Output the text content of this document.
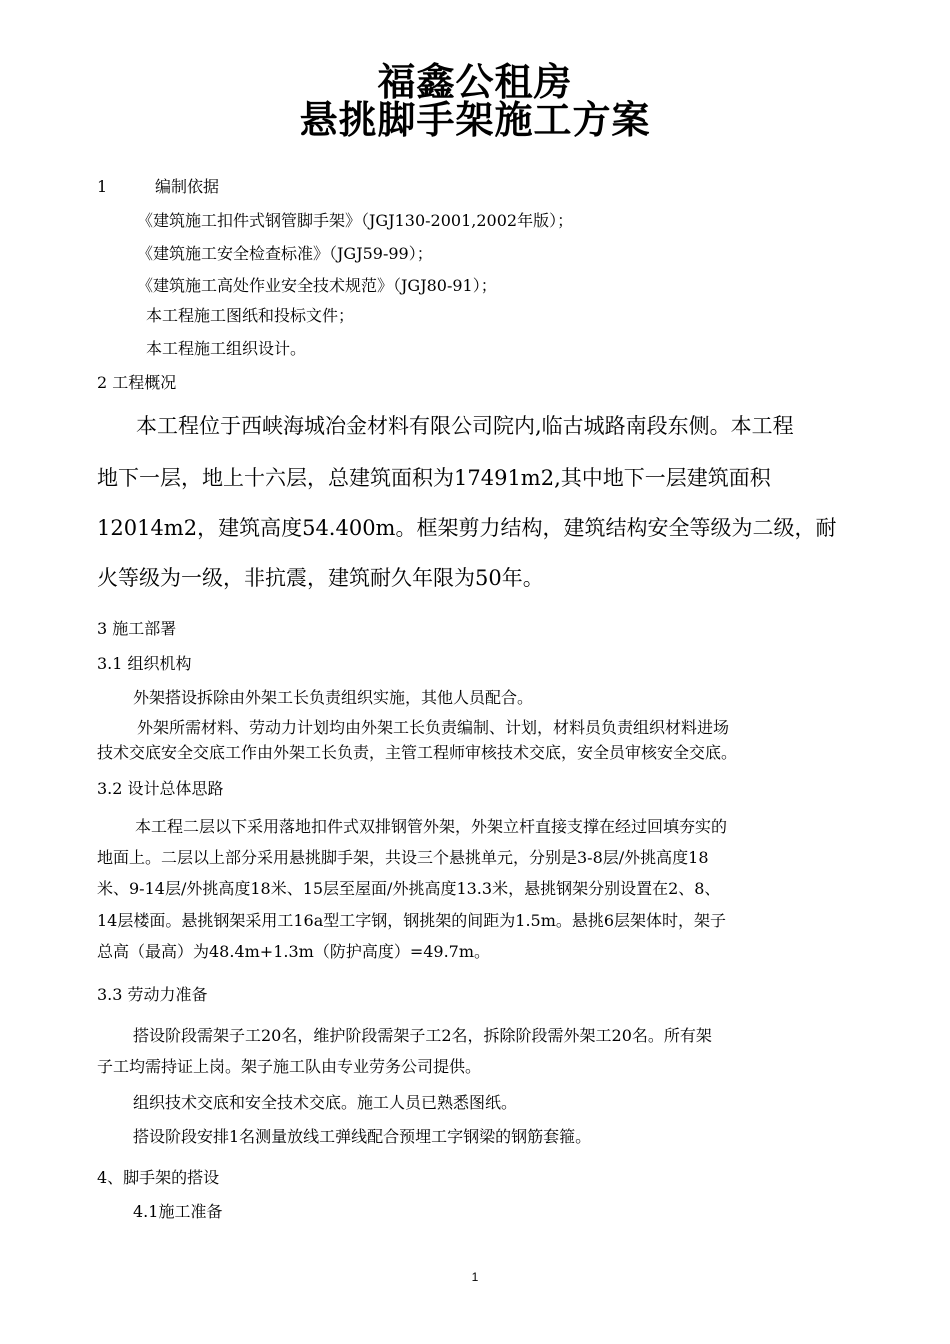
福鑫公租房
悬挑脚手架施工方案
1	编制依据
《建筑施工扣件式钢管脚手架》（JGJ130-2001,2002年版）；
《建筑施工安全检查标准》（JGJ59-99）；
《建筑施工高处作业安全技术规范》（JGJ80-91）；
本工程施工图纸和投标文件；
本工程施工组织设计。
2 工程概况
本工程位于西峡海城冶金材料有限公司院内,临古城路南段东侧。本工程
地下一层，地上十六层，总建筑面积为17491m2,其中地下一层建筑面积
12014m2，建筑高度54.400m。框架剪力结构，建筑结构安全等级为二级，耐
火等级为一级，非抗震，建筑耐久年限为50年。
3 施工部署
3.1 组织机构
外架搭设拆除由外架工长负责组织实施，其他人员配合。
外架所需材料、劳动力计划均由外架工长负责编制、计划，材料员负责组织材料进场
技术交底安全交底工作由外架工长负责，主管工程师审核技术交底，安全员审核安全交底。
3.2 设计总体思路
本工程二层以下采用落地扣件式双排钢管外架，外架立杆直接支撑在经过回填夯实的
地面上。二层以上部分采用悬挑脚手架，共设三个悬挑单元，分别是3-8层/外挑高度18
米、9-14层/外挑高度18米、15层至屋面/外挑高度13.3米，悬挑钢架分别设置在2、8、
14层楼面。悬挑钢架采用工16a型工字钢，钢挑架的间距为1.5m。悬挑6层架体时，架子
总高（最高）为48.4m+1.3m（防护高度）=49.7m。
3.3 劳动力准备
搭设阶段需架子工20名，维护阶段需架子工2名，拆除阶段需外架工20名。所有架
子工均需持证上岗。架子施工队由专业劳务公司提供。
组织技术交底和安全技术交底。施工人员已熟悉图纸。
搭设阶段安排1名测量放线工弹线配合预埋工字钢梁的钢筋套箍。
4、脚手架的搭设
4.1施工准备
1
